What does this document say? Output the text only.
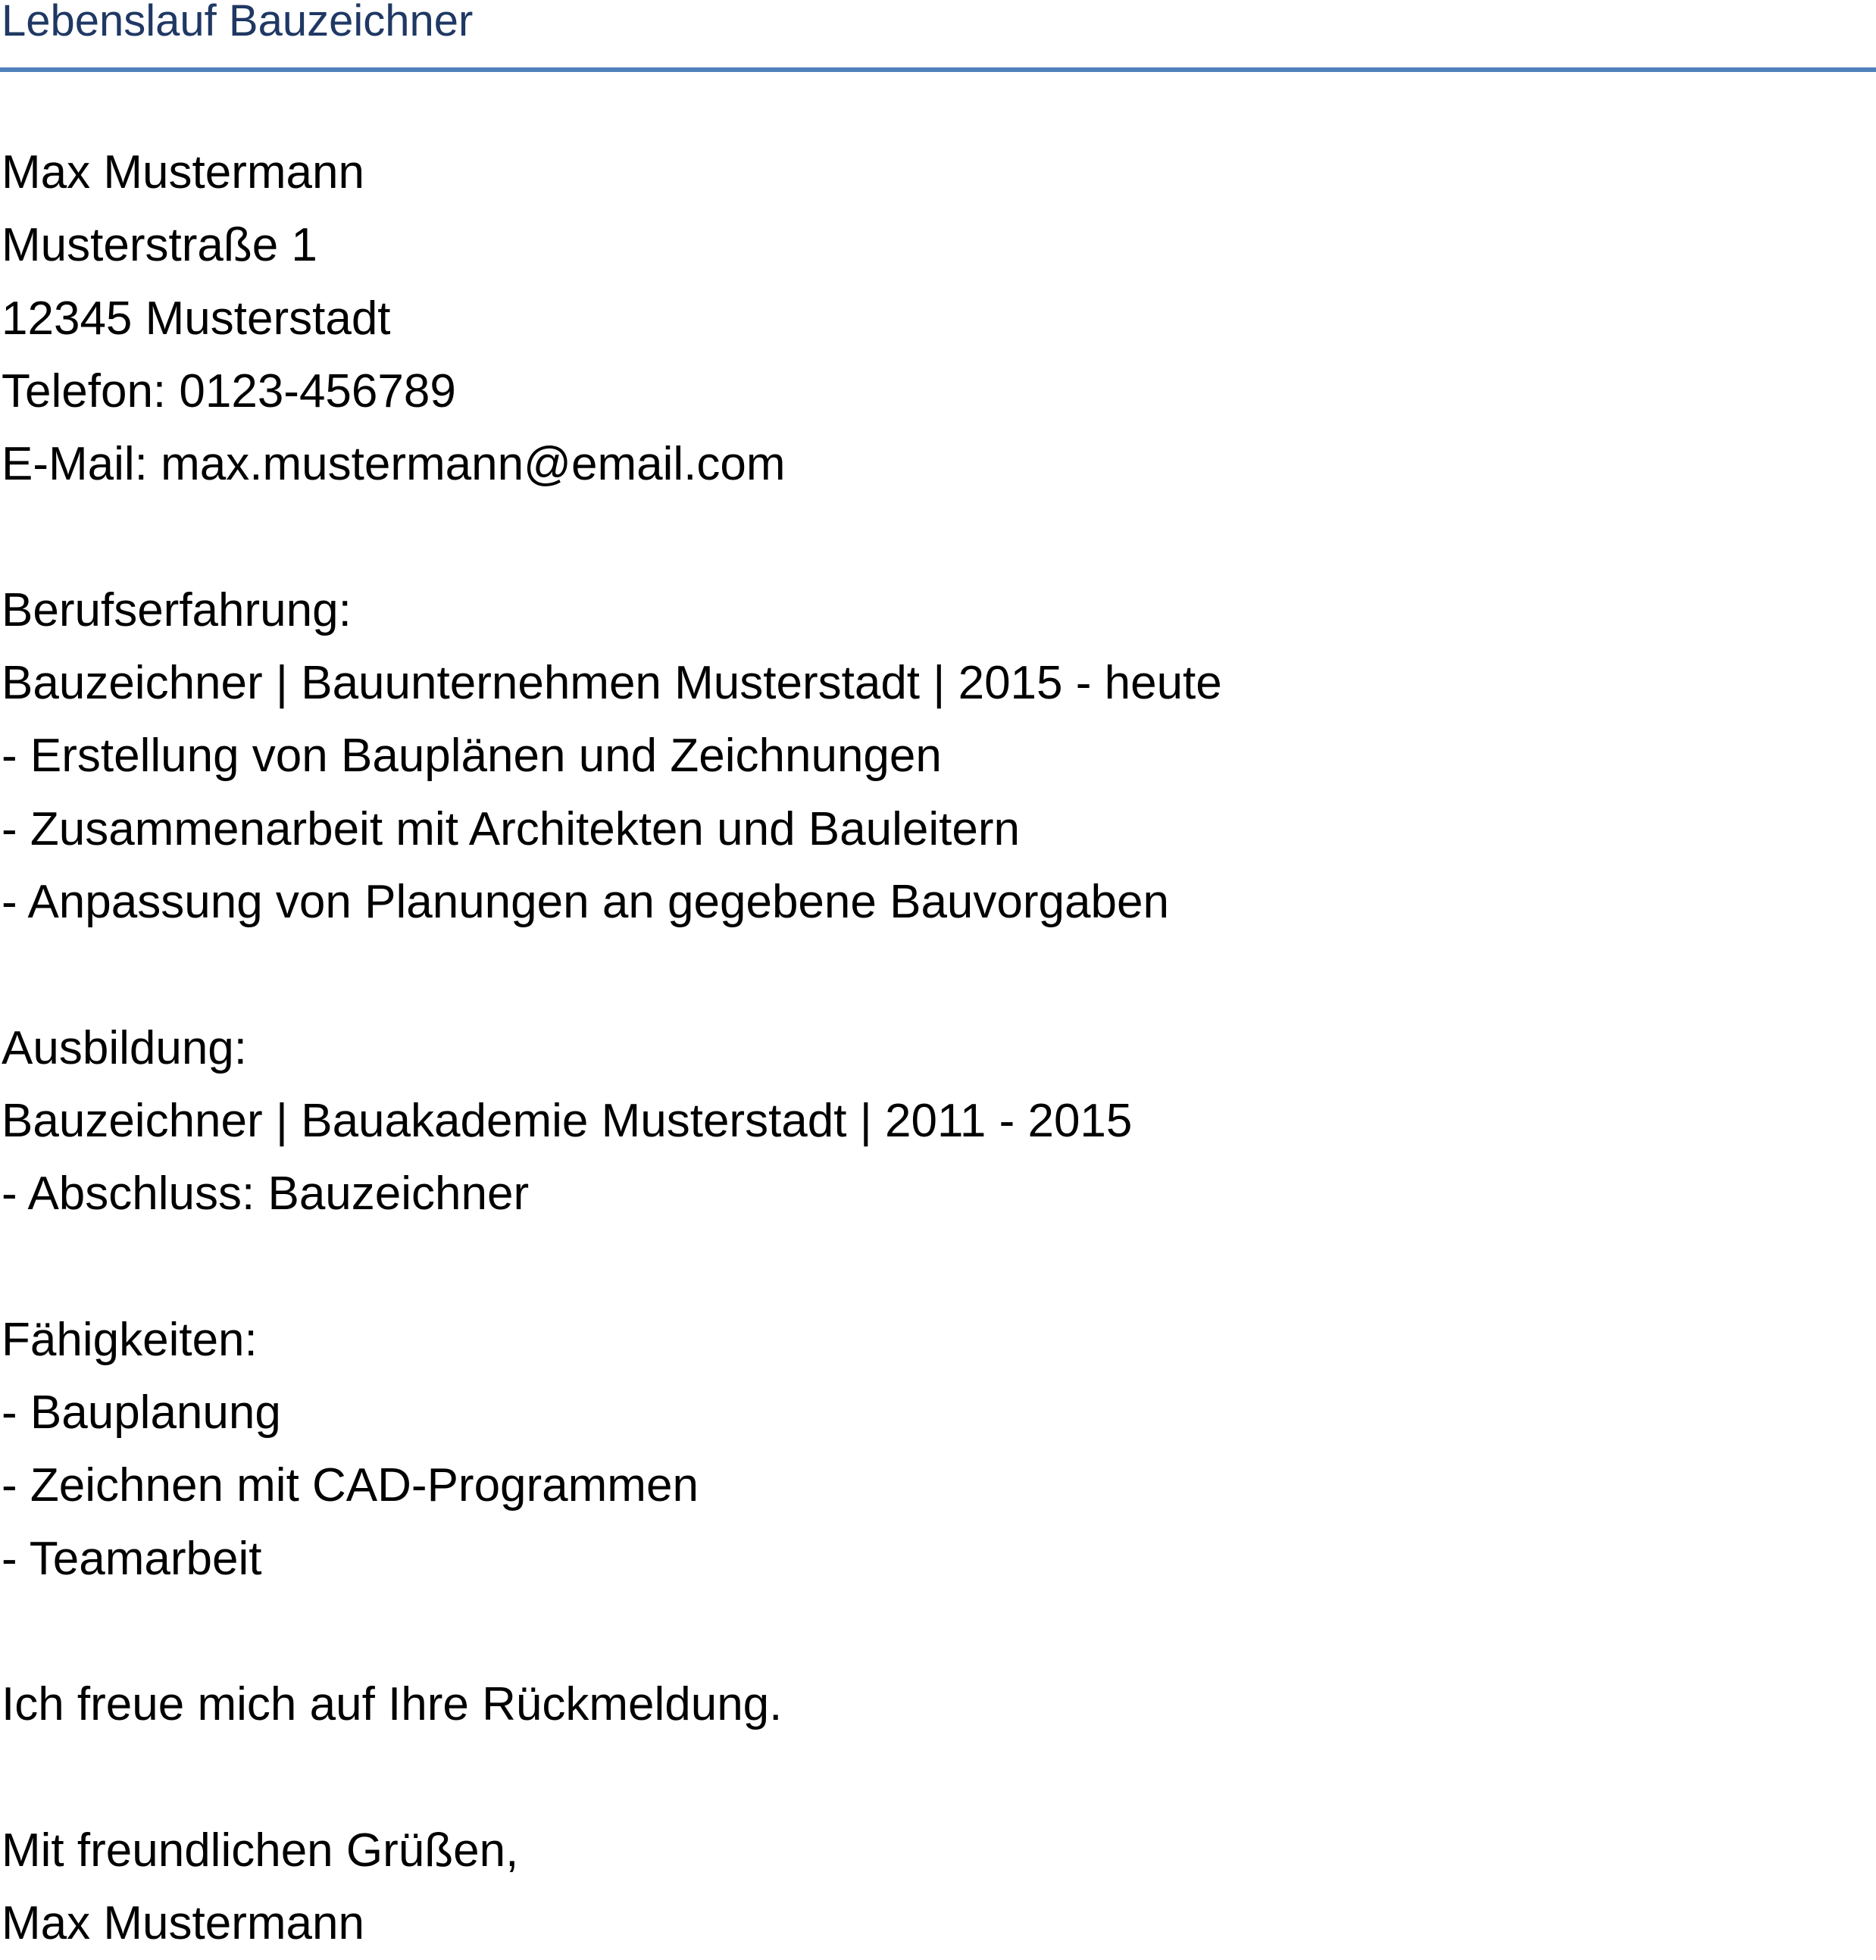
Lebenslauf Bauzeichner
Max Mustermann
Musterstraße 1
12345 Musterstadt
Telefon: 0123-456789
E-Mail: max.mustermann@email.com
Berufserfahrung:
Bauzeichner | Bauunternehmen Musterstadt | 2015 - heute
- Erstellung von Bauplänen und Zeichnungen
- Zusammenarbeit mit Architekten und Bauleitern
- Anpassung von Planungen an gegebene Bauvorgaben
Ausbildung:
Bauzeichner | Bauakademie Musterstadt | 2011 - 2015
- Abschluss: Bauzeichner
Fähigkeiten:
- Bauplanung
- Zeichnen mit CAD-Programmen
- Teamarbeit
Ich freue mich auf Ihre Rückmeldung.
Mit freundlichen Grüßen,
Max Mustermann
